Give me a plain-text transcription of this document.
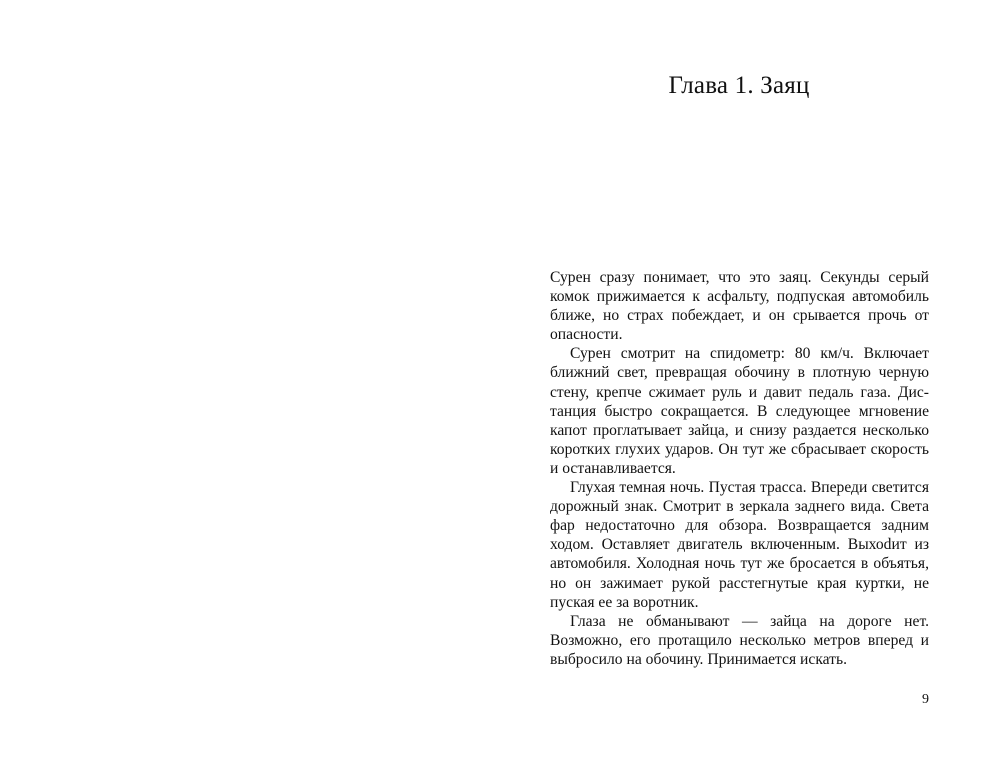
Глава 1. Заяц

Сурен сразу понимает, что это заяц. Секунды серый комок прижимается к асфальту, подпуская автомобиль ближе, но страх побеждает, и он срывается прочь от опасности.

Сурен смотрит на спидометр: 80 км/ч. Включает ближний свет, превращая обочину в плотную черную стену, крепче сжимает руль и давит педаль газа. Дистанция быстро сокращается. В следующее мгновение капот проглатывает зайца, и снизу раздается несколько коротких глухих ударов. Он тут же сбрасывает скорость и останавливается.

Глухая темная ночь. Пустая трасса. Впереди светится дорожный знак. Смотрит в зеркала заднего вида. Света фар недостаточно для обзора. Возвращается задним ходом. Оставляет двигатель включенным. Выхоdит из автомобиля. Холодная ночь тут же бросается в объятья, но он зажимает рукой расстегнутые края куртки, не пуская ее за воротник.

Глаза не обманывают — зайца на дороге нет. Возможно, его протащило несколько метров вперед и выбросило на обочину. Принимается искать.

9
